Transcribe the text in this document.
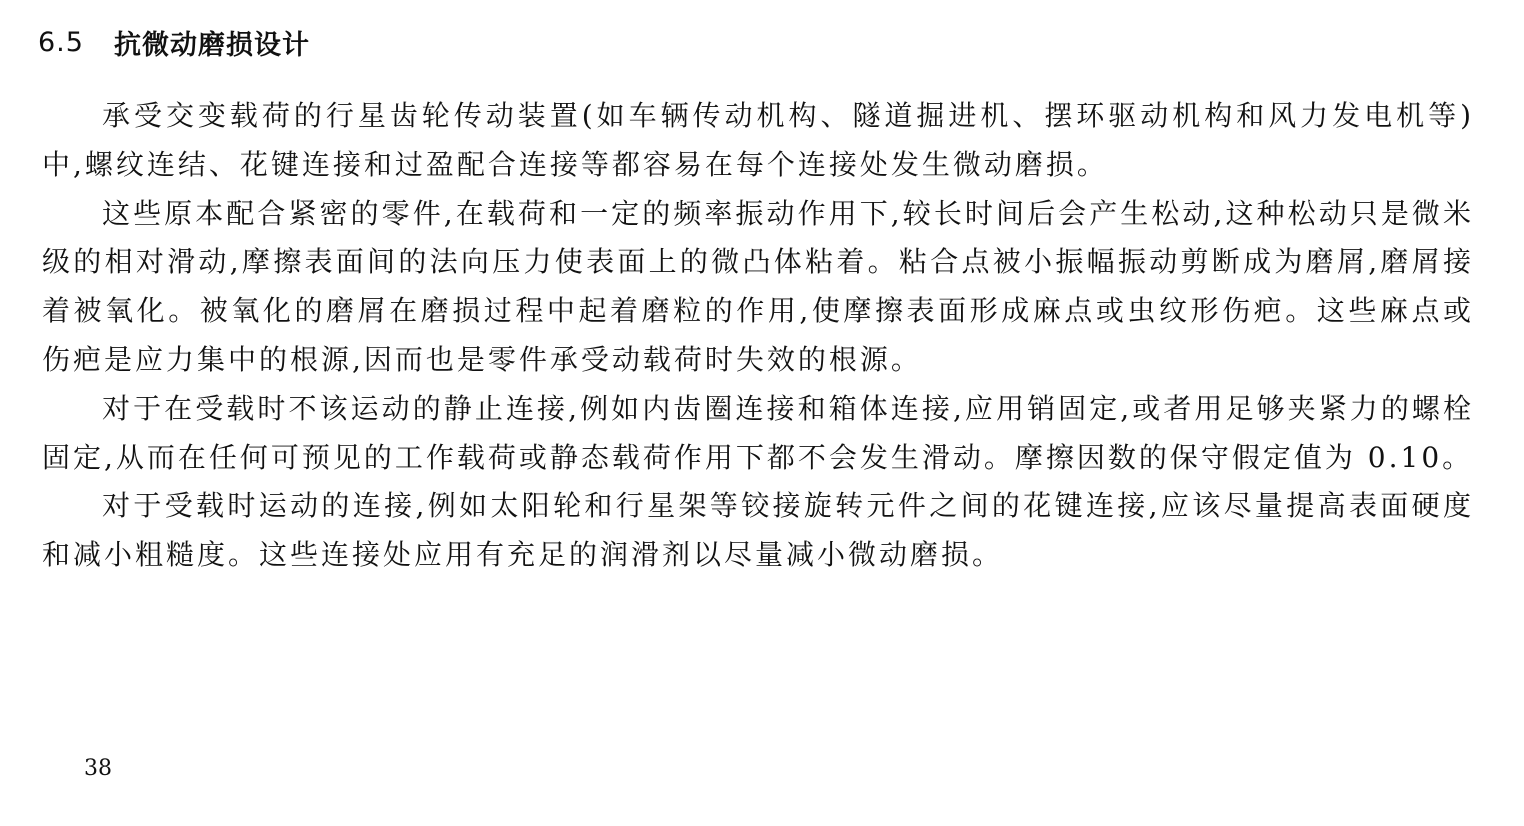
6.5	抗微动磨损设计

承受交变载荷的行星齿轮传动装置(如车辆传动机构、隧道掘进机、摆环驱动机构和风力发电机等)中,螺纹连结、花键连接和过盈配合连接等都容易在每个连接处发生微动磨损。

这些原本配合紧密的零件,在载荷和一定的频率振动作用下,较长时间后会产生松动,这种松动只是微米级的相对滑动,摩擦表面间的法向压力使表面上的微凸体粘着。粘合点被小振幅振动剪断成为磨屑,磨屑接着被氧化。被氧化的磨屑在磨损过程中起着磨粒的作用,使摩擦表面形成麻点或虫纹形伤疤。这些麻点或伤疤是应力集中的根源,因而也是零件承受动载荷时失效的根源。

对于在受载时不该运动的静止连接,例如内齿圈连接和箱体连接,应用销固定,或者用足够夹紧力的螺栓固定,从而在任何可预见的工作载荷或静态载荷作用下都不会发生滑动。摩擦因数的保守假定值为 0.10。

对于受载时运动的连接,例如太阳轮和行星架等铰接旋转元件之间的花键连接,应该尽量提高表面硬度和减小粗糙度。这些连接处应用有充足的润滑剂以尽量减小微动磨损。

38
